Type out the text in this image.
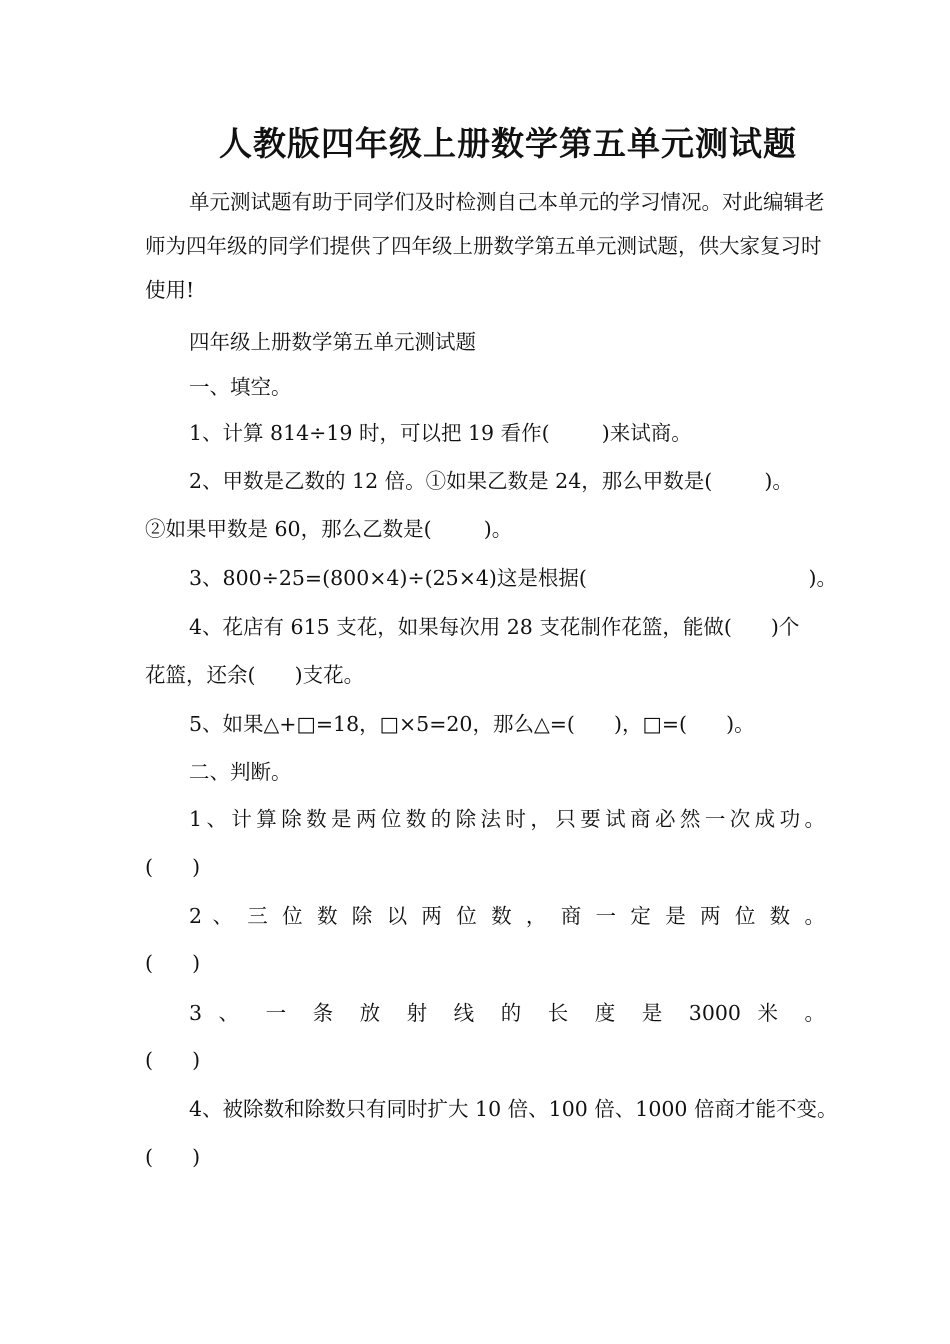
人教版四年级上册数学第五单元测试题

单元测试题有助于同学们及时检测自己本单元的学习情况。对此编辑老师为四年级的同学们提供了四年级上册数学第五单元测试题，供大家复习时使用!

四年级上册数学第五单元测试题
一、填空。
1、计算 814÷19 时，可以把 19 看作(        )来试商。
2、甲数是乙数的 12 倍。①如果乙数是 24，那么甲数是(        )。
②如果甲数是 60，那么乙数是(        )。
3、800÷25=(800×4)÷(25×4)这是根据(                                  )。
4、花店有 615 支花，如果每次用 28 支花制作花篮，能做(      )个
花篮，还余(      )支花。
5、如果△+□=18，□×5=20，那么△=(      )，□=(      )。
二、判断。
1、计算除数是两位数的除法时，只要试商必然一次成功。
(      )
2 、 三 位 数 除 以 两 位 数 ， 商 一 定 是 两 位 数 。
(      )
3 、 一 条 放 射 线 的 长 度 是 3000 米 。
(      )
4、被除数和除数只有同时扩大 10 倍、100 倍、1000 倍商才能不变。
(      )
